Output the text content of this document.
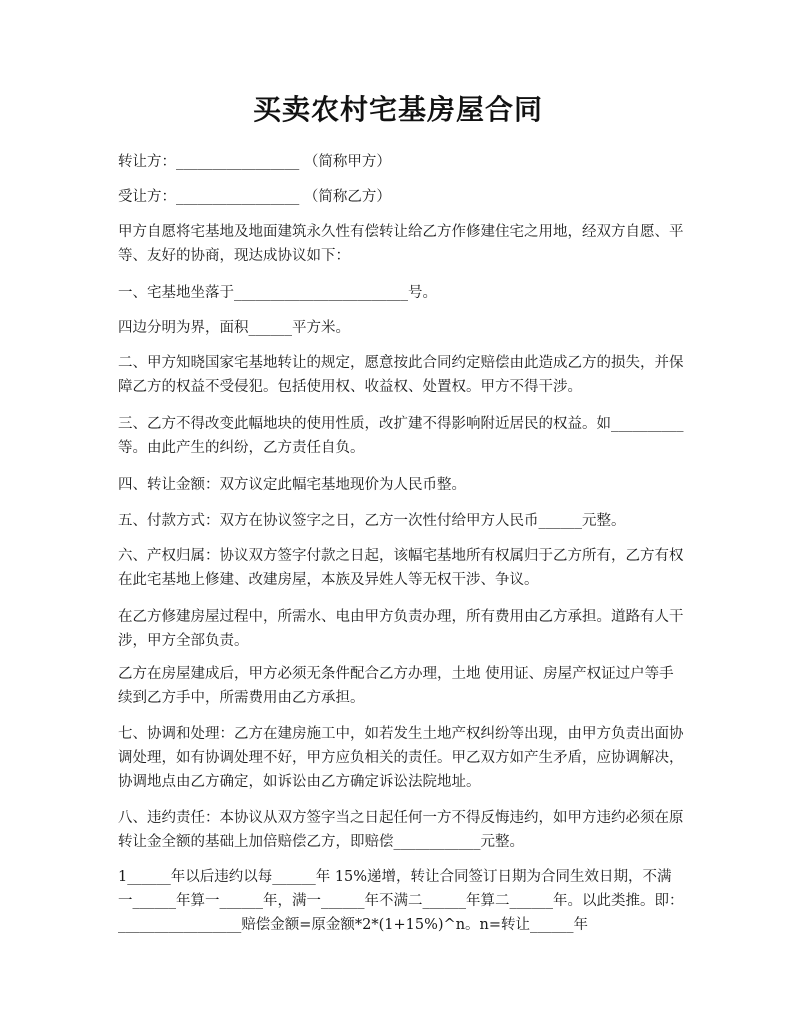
买卖农村宅基房屋合同
转让方：_________________ （简称甲方）
受让方：_________________ （简称乙方）
甲方自愿将宅基地及地面建筑永久性有偿转让给乙方作修建住宅之用地，经双方自愿、平等、友好的协商，现达成协议如下：
一、宅基地坐落于________________________号。
四边分明为界，面积______平方米。
二、甲方知晓国家宅基地转让的规定，愿意按此合同约定赔偿由此造成乙方的损失，并保障乙方的权益不受侵犯。包括使用权、收益权、处置权。甲方不得干涉。
三、乙方不得改变此幅地块的使用性质，改扩建不得影响附近居民的权益。如__________等。由此产生的纠纷，乙方责任自负。
四、转让金额：双方议定此幅宅基地现价为人民币整。
五、付款方式：双方在协议签字之日，乙方一次性付给甲方人民币______元整。
六、产权归属：协议双方签字付款之日起，该幅宅基地所有权属归于乙方所有，乙方有权在此宅基地上修建、改建房屋，本族及异姓人等无权干涉、争议。
在乙方修建房屋过程中，所需水、电由甲方负责办理，所有费用由乙方承担。道路有人干涉，甲方全部负责。
乙方在房屋建成后，甲方必须无条件配合乙方办理，土地 使用证、房屋产权证过户等手续到乙方手中，所需费用由乙方承担。
七、协调和处理：乙方在建房施工中，如若发生土地产权纠纷等出现，由甲方负责出面协调处理，如有协调处理不好，甲方应负相关的责任。甲乙双方如产生矛盾，应协调解决，协调地点由乙方确定，如诉讼由乙方确定诉讼法院地址。
八、违约责任：本协议从双方签字当之日起任何一方不得反悔违约，如甲方违约必须在原转让金全额的基础上加倍赔偿乙方，即赔偿____________元整。
1______年以后违约以每______年 15%递增，转让合同签订日期为合同生效日期，不满一______年算一______年，满一______年不满二______年算二______年。以此类推。即：_________________赔偿金额=原金额*2*(1+15%)^n。n=转让______年
